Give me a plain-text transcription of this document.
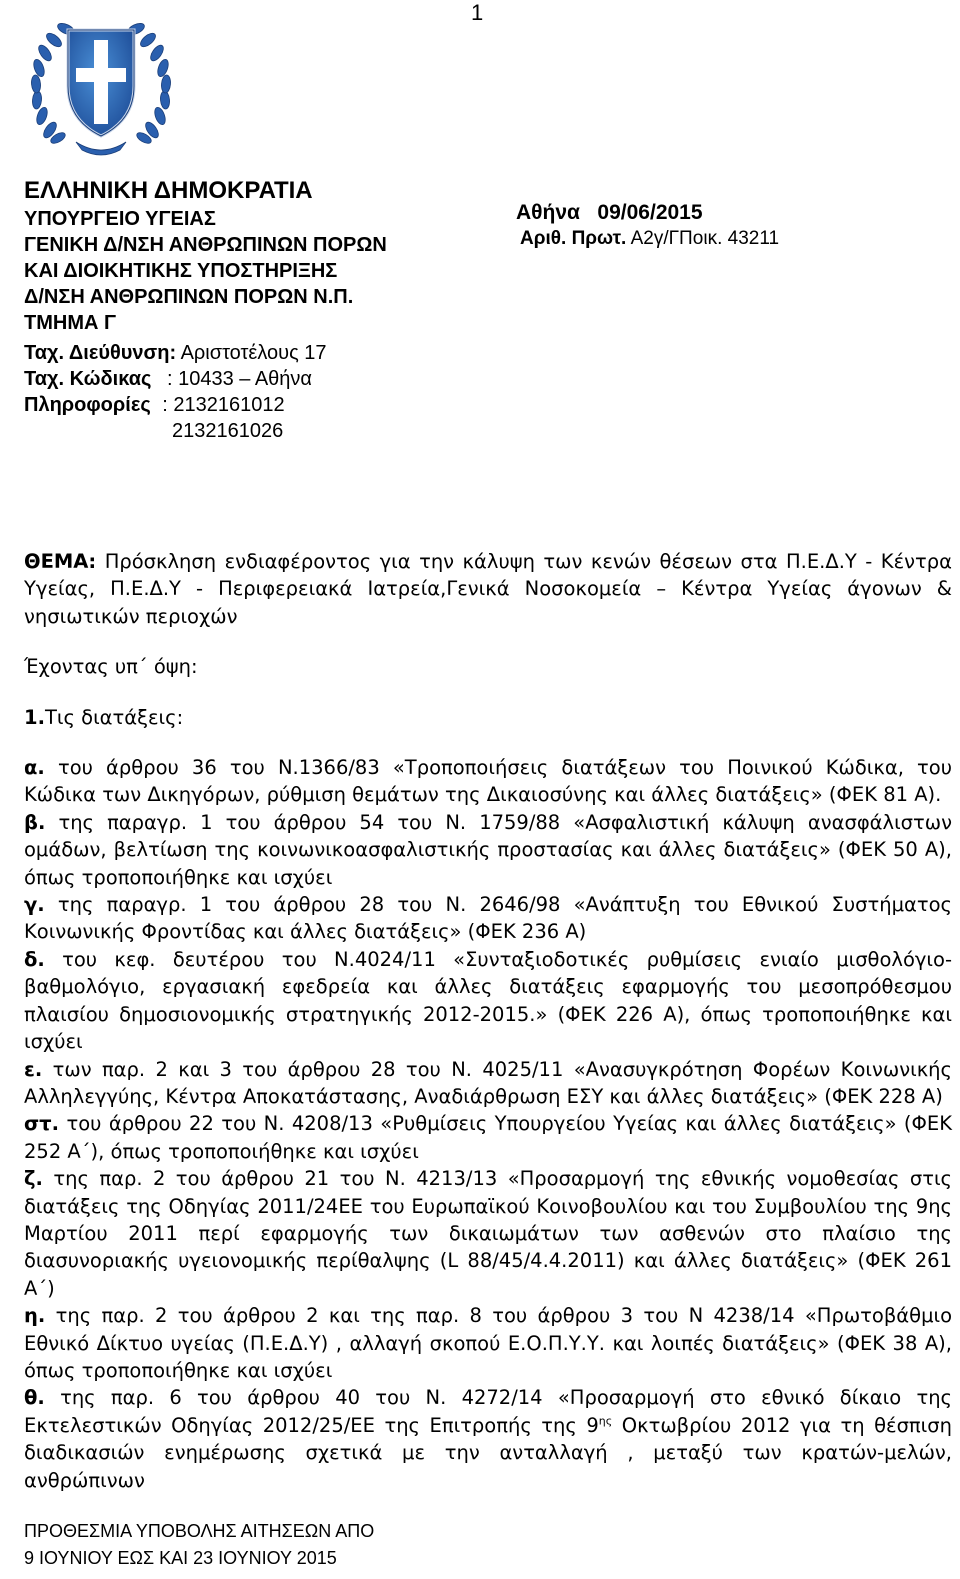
1
ΕΛΛΗΝΙΚΗ ΔΗΜΟΚΡΑΤΙΑ
ΥΠΟΥΡΓΕΙΟ ΥΓΕΙΑΣ
ΓΕΝΙΚΗ Δ/ΝΣΗ ΑΝΘΡΩΠΙΝΩΝ ΠΟΡΩΝ
ΚΑΙ ΔΙΟΙΚΗΤΙΚΗΣ ΥΠΟΣΤΗΡΙΞΗΣ
Δ/ΝΣΗ ΑΝΘΡΩΠΙΝΩΝ ΠΟΡΩΝ Ν.Π.
ΤΜΗΜΑ Γ
Ταχ. Διεύθυνση: Αριστοτέλους 17
Ταχ. Κώδικας : 10433 – Αθήνα
Πληροφορίες : 2132161012
2132161026
Αθήνα   09/06/2015
Αριθ. Πρωτ. Α2γ/ΓΠοικ. 43211

ΘΕΜΑ: Πρόσκληση ενδιαφέροντος για την κάλυψη των κενών θέσεων στα Π.Ε.Δ.Υ - Κέντρα Υγείας, Π.Ε.Δ.Υ - Περιφερειακά Ιατρεία,Γενικά Νοσοκομεία – Κέντρα Υγείας άγονων & νησιωτικών περιοχών

Έχοντας υπ΄ όψη:

1.Τις διατάξεις:

α. του άρθρου 36 του Ν.1366/83 «Τροποποιήσεις διατάξεων του Ποινικού Κώδικα, του Κώδικα των Δικηγόρων, ρύθμιση θεμάτων της Δικαιοσύνης και άλλες διατάξεις» (ΦΕΚ 81 Α).

β. της παραγρ. 1 του άρθρου 54 του Ν. 1759/88 «Ασφαλιστική κάλυψη ανασφάλιστων ομάδων, βελτίωση της κοινωνικοασφαλιστικής προστασίας και άλλες διατάξεις» (ΦΕΚ 50 Α), όπως τροποποιήθηκε και ισχύει

γ. της παραγρ. 1 του άρθρου 28 του Ν. 2646/98 «Ανάπτυξη του Εθνικού Συστήματος Κοινωνικής Φροντίδας και άλλες διατάξεις» (ΦΕΚ 236 Α)

δ. του κεφ. δευτέρου του Ν.4024/11 «Συνταξιοδοτικές ρυθμίσεις ενιαίο μισθολόγιο-βαθμολόγιο, εργασιακή εφεδρεία και άλλες διατάξεις εφαρμογής του μεσοπρόθεσμου πλαισίου δημοσιονομικής στρατηγικής 2012-2015.» (ΦΕΚ 226 Α), όπως τροποποιήθηκε και ισχύει

ε. των παρ. 2 και 3 του άρθρου 28 του Ν. 4025/11 «Ανασυγκρότηση Φορέων Κοινωνικής Αλληλεγγύης, Κέντρα Αποκατάστασης, Αναδιάρθρωση ΕΣΥ και άλλες διατάξεις» (ΦΕΚ 228 Α)

στ. του άρθρου 22 του Ν. 4208/13 «Ρυθμίσεις Υπουργείου Υγείας και άλλες διατάξεις» (ΦΕΚ 252 Α΄), όπως τροποποιήθηκε και ισχύει

ζ. της παρ. 2 του άρθρου 21 του Ν. 4213/13 «Προσαρμογή της εθνικής νομοθεσίας στις διατάξεις της Οδηγίας 2011/24ΕΕ του Ευρωπαϊκού Κοινοβουλίου και του Συμβουλίου της 9ης Μαρτίου 2011 περί εφαρμογής των δικαιωμάτων των ασθενών στο πλαίσιο της διασυνοριακής υγειονομικής περίθαλψης (L 88/45/4.4.2011) και άλλες διατάξεις» (ΦΕΚ 261 Α΄)

η. της παρ. 2 του άρθρου 2 και της παρ. 8 του άρθρου 3 του Ν 4238/14 «Πρωτοβάθμιο Εθνικό Δίκτυο υγείας (Π.Ε.Δ.Υ) , αλλαγή σκοπού Ε.Ο.Π.Υ.Υ. και λοιπές διατάξεις» (ΦΕΚ 38 Α), όπως τροποποιήθηκε και ισχύει

θ. της παρ. 6 του άρθρου 40 του Ν. 4272/14 «Προσαρμογή στο εθνικό δίκαιο της Εκτελεστικών Οδηγίας 2012/25/ΕΕ της Επιτροπής της $9^{\eta\varsigma}$ Οκτωβρίου 2012 για τη θέσπιση διαδικασιών ενημέρωσης σχετικά με την ανταλλαγή , μεταξύ των κρατών-μελών, ανθρώπινων

ΠΡΟΘΕΣΜΙΑ ΥΠΟΒΟΛΗΣ ΑΙΤΗΣΕΩΝ ΑΠΟ
9 ΙΟΥΝΙΟΥ ΕΩΣ ΚΑΙ 23 ΙΟΥΝΙΟΥ 2015
